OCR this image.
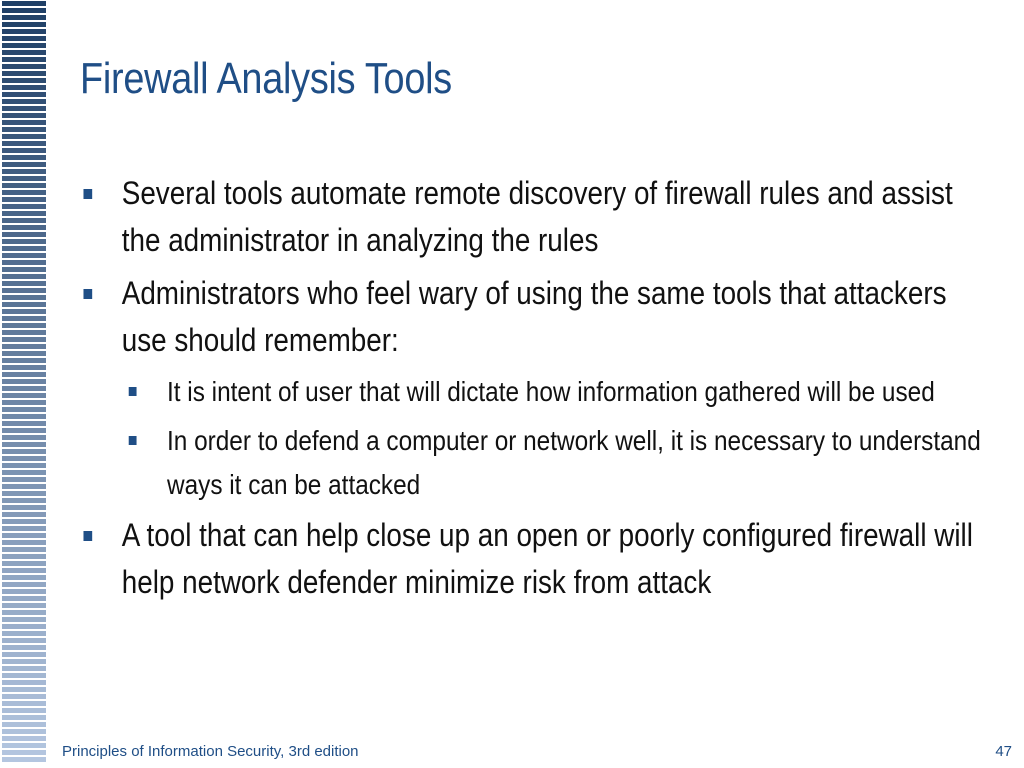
Firewall Analysis Tools
Several tools automate remote discovery of firewall rules and assist the administrator in analyzing the rules
Administrators who feel wary of using the same tools that attackers use should remember:
It is intent of user that will dictate how information gathered will be used
In order to defend a computer or network well, it is necessary to understand ways it can be attacked
A tool that can help close up an open or poorly configured firewall will help network defender minimize risk from attack
Principles of Information Security, 3rd edition	47
